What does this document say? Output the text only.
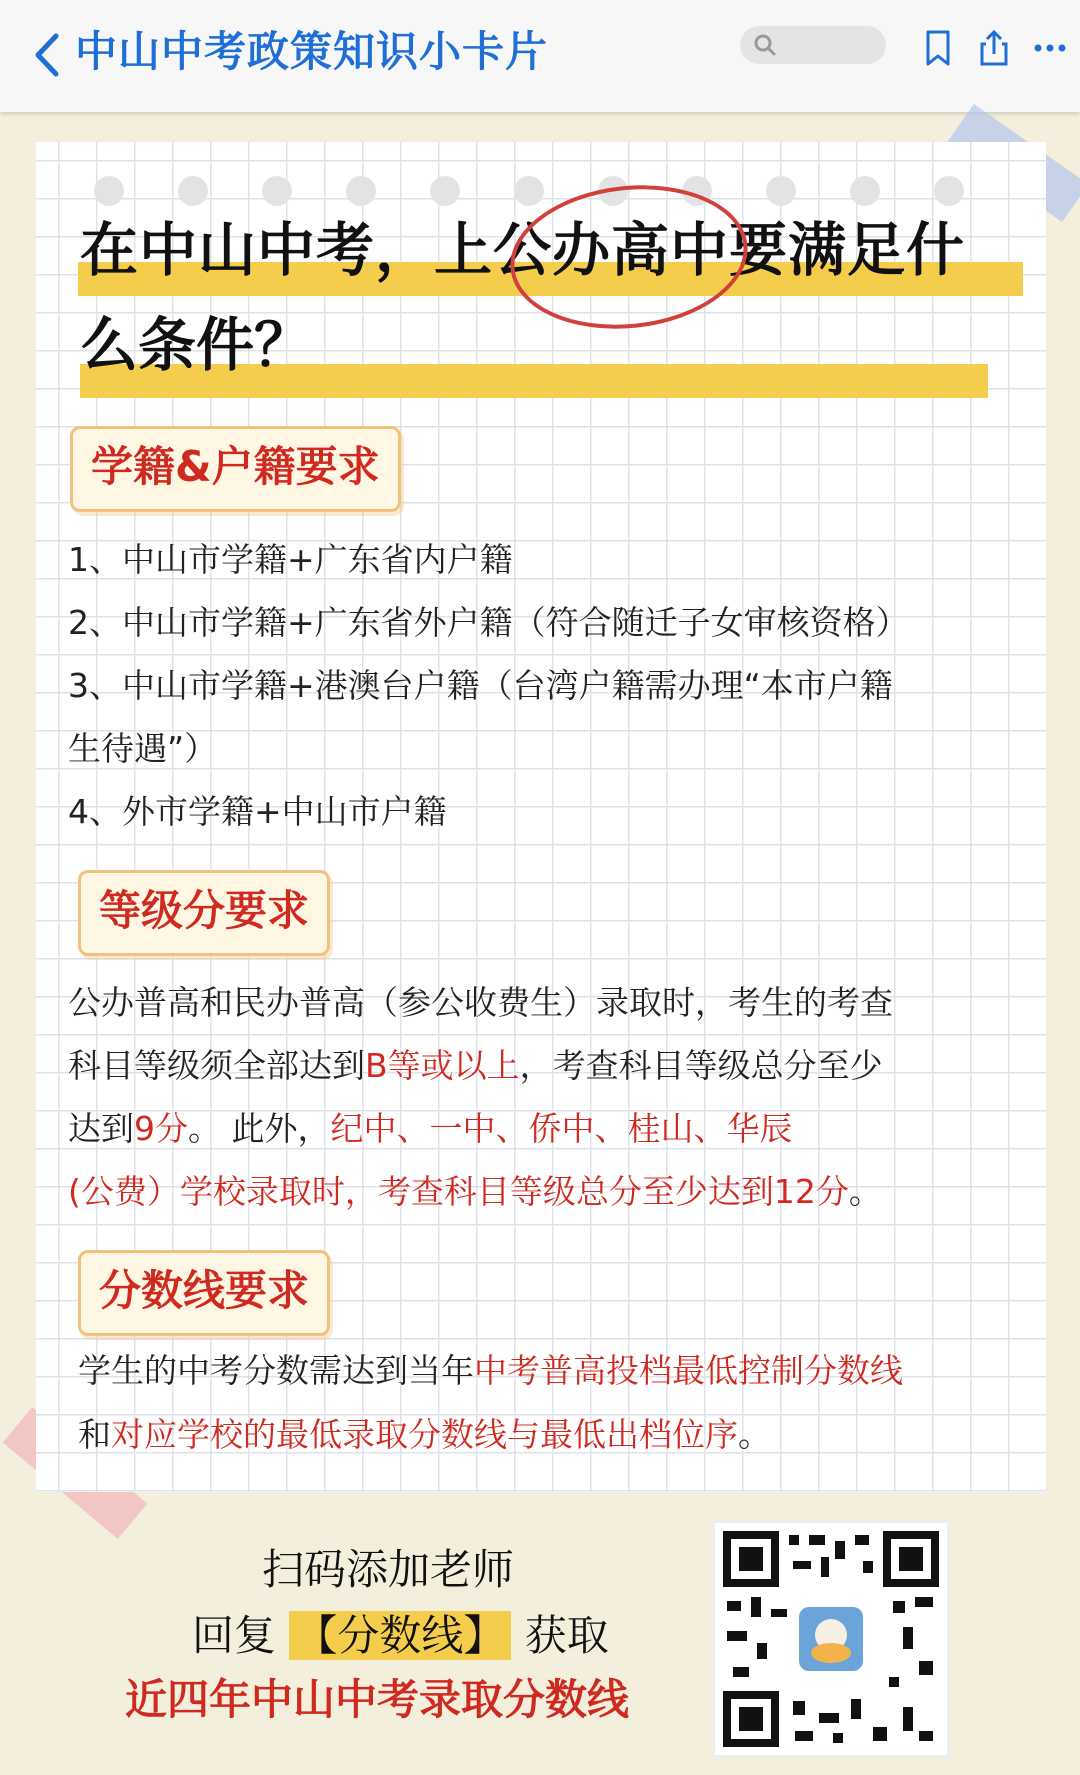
中山中考政策知识小卡片
在中山中考，上公办高中要满足什
么条件？
学籍&户籍要求
1、中山市学籍+广东省内户籍
2、中山市学籍+广东省外户籍（符合随迁子女审核资格）
3、中山市学籍+港澳台户籍（台湾户籍需办理“本市户籍
生待遇”）
4、外市学籍+中山市户籍
等级分要求
公办普高和民办普高（参公收费生）录取时，考生的考查
科目等级须全部达到B等或以上，考查科目等级总分至少
达到9分。 此外，纪中、一中、侨中、桂山、华辰
(公费）学校录取时，考查科目等级总分至少达到12分。
分数线要求
学生的中考分数需达到当年中考普高投档最低控制分数线
和对应学校的最低录取分数线与最低出档位序。
扫码添加老师
回复 【分数线】 获取
近四年中山中考录取分数线
